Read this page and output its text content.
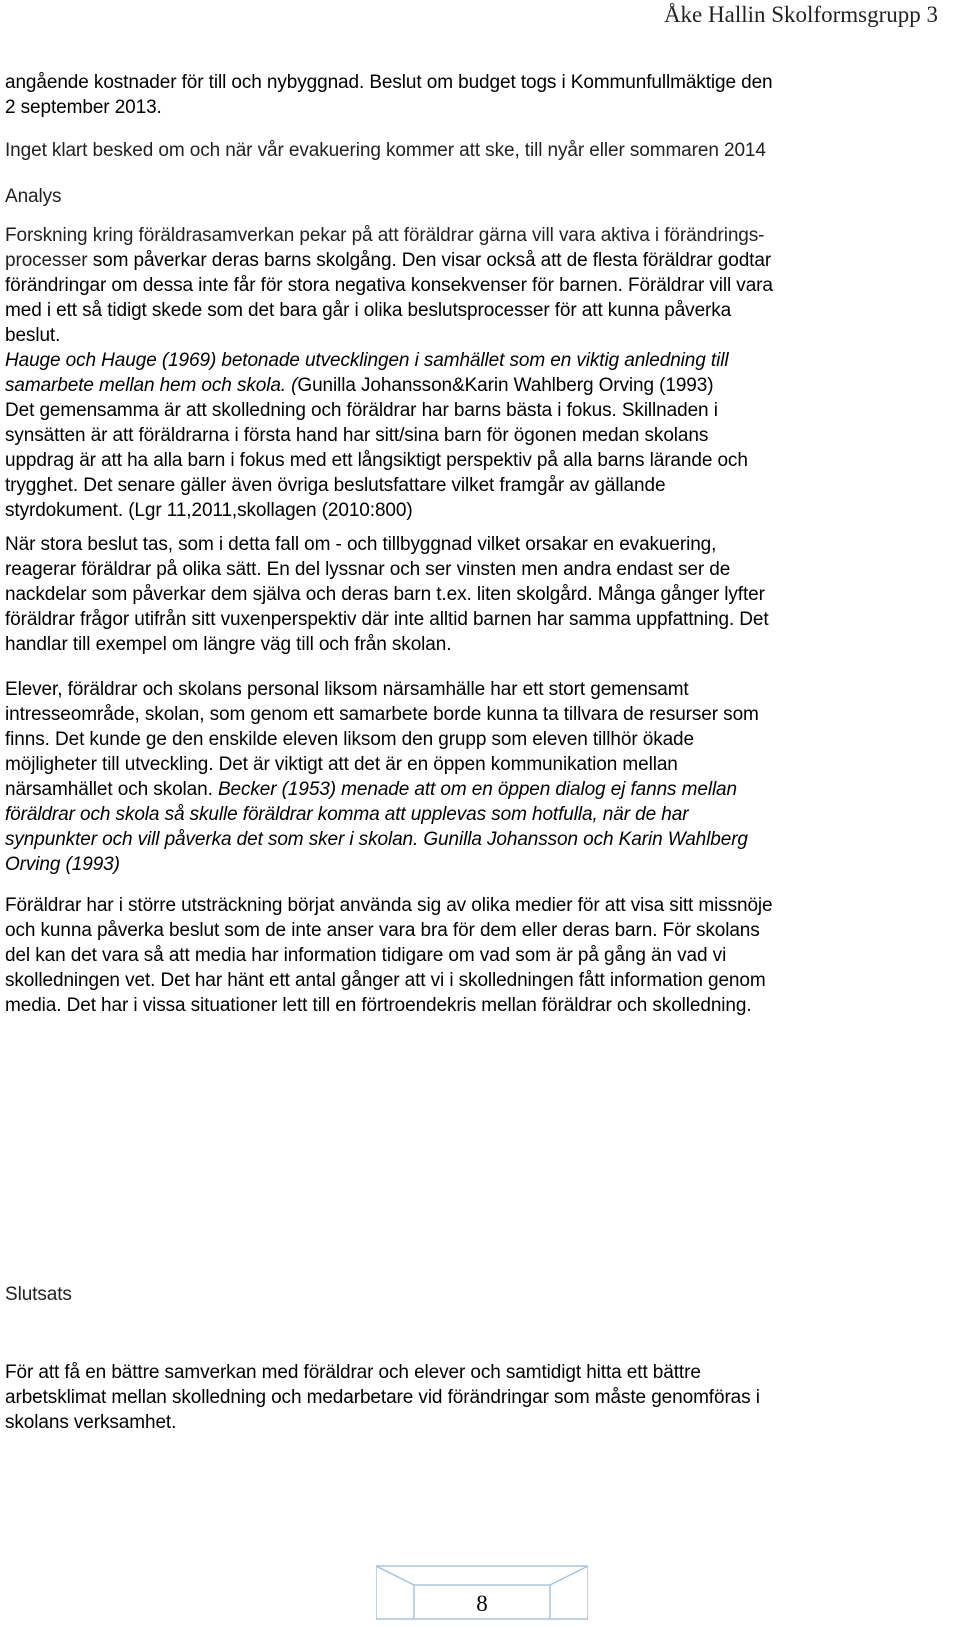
Åke Hallin Skolformsgrupp 3

angående kostnader för till och nybyggnad. Beslut om budget togs i Kommunfullmäktige den
2 september 2013.

Inget klart besked om och när vår evakuering kommer att ske, till nyår eller sommaren 2014

Analys

Forskning kring föräldrasamverkan pekar på att föräldrar gärna vill vara aktiva i förändrings-
processer som påverkar deras barns skolgång. Den visar också att de flesta föräldrar godtar
förändringar om dessa inte får för stora negativa konsekvenser för barnen. Föräldrar vill vara
med i ett så tidigt skede som det bara går i olika beslutsprocesser för att kunna påverka
beslut.
Hauge och Hauge (1969) betonade utvecklingen i samhället som en viktig anledning till
samarbete mellan hem och skola. (Gunilla Johansson&Karin Wahlberg Orving (1993)
Det gemensamma är att skolledning och föräldrar har barns bästa i fokus. Skillnaden i
synsätten är att föräldrarna i första hand har sitt/sina barn för ögonen medan skolans
uppdrag är att ha alla barn i fokus med ett långsiktigt perspektiv på alla barns lärande och
trygghet. Det senare gäller även övriga beslutsfattare vilket framgår av gällande
styrdokument. (Lgr 11,2011,skollagen (2010:800)

När stora beslut tas, som i detta fall om - och tillbyggnad vilket orsakar en evakuering,
reagerar föräldrar på olika sätt. En del lyssnar och ser vinsten men andra endast ser de
nackdelar som påverkar dem själva och deras barn t.ex. liten skolgård. Många gånger lyfter
föräldrar frågor utifrån sitt vuxenperspektiv där inte alltid barnen har samma uppfattning. Det
handlar till exempel om längre väg till och från skolan.

Elever, föräldrar och skolans personal liksom närsamhälle har ett stort gemensamt
intresseområde, skolan, som genom ett samarbete borde kunna ta tillvara de resurser som
finns. Det kunde ge den enskilde eleven liksom den grupp som eleven tillhör ökade
möjligheter till utveckling. Det är viktigt att det är en öppen kommunikation mellan
närsamhället och skolan. Becker (1953) menade att om en öppen dialog ej fanns mellan
föräldrar och skola så skulle föräldrar komma att upplevas som hotfulla, när de har
synpunkter och vill påverka det som sker i skolan. Gunilla Johansson och Karin Wahlberg
Orving (1993)

Föräldrar har i större utsträckning börjat använda sig av olika medier för att visa sitt missnöje
och kunna påverka beslut som de inte anser vara bra för dem eller deras barn. För skolans
del kan det vara så att media har information tidigare om vad som är på gång än vad vi
skolledningen vet. Det har hänt ett antal gånger att vi i skolledningen fått information genom
media. Det har i vissa situationer lett till en förtroendekris mellan föräldrar och skolledning.

Slutsats

För att få en bättre samverkan med föräldrar och elever och samtidigt hitta ett bättre
arbetsklimat mellan skolledning och medarbetare vid förändringar som måste genomföras i
skolans verksamhet.

8
